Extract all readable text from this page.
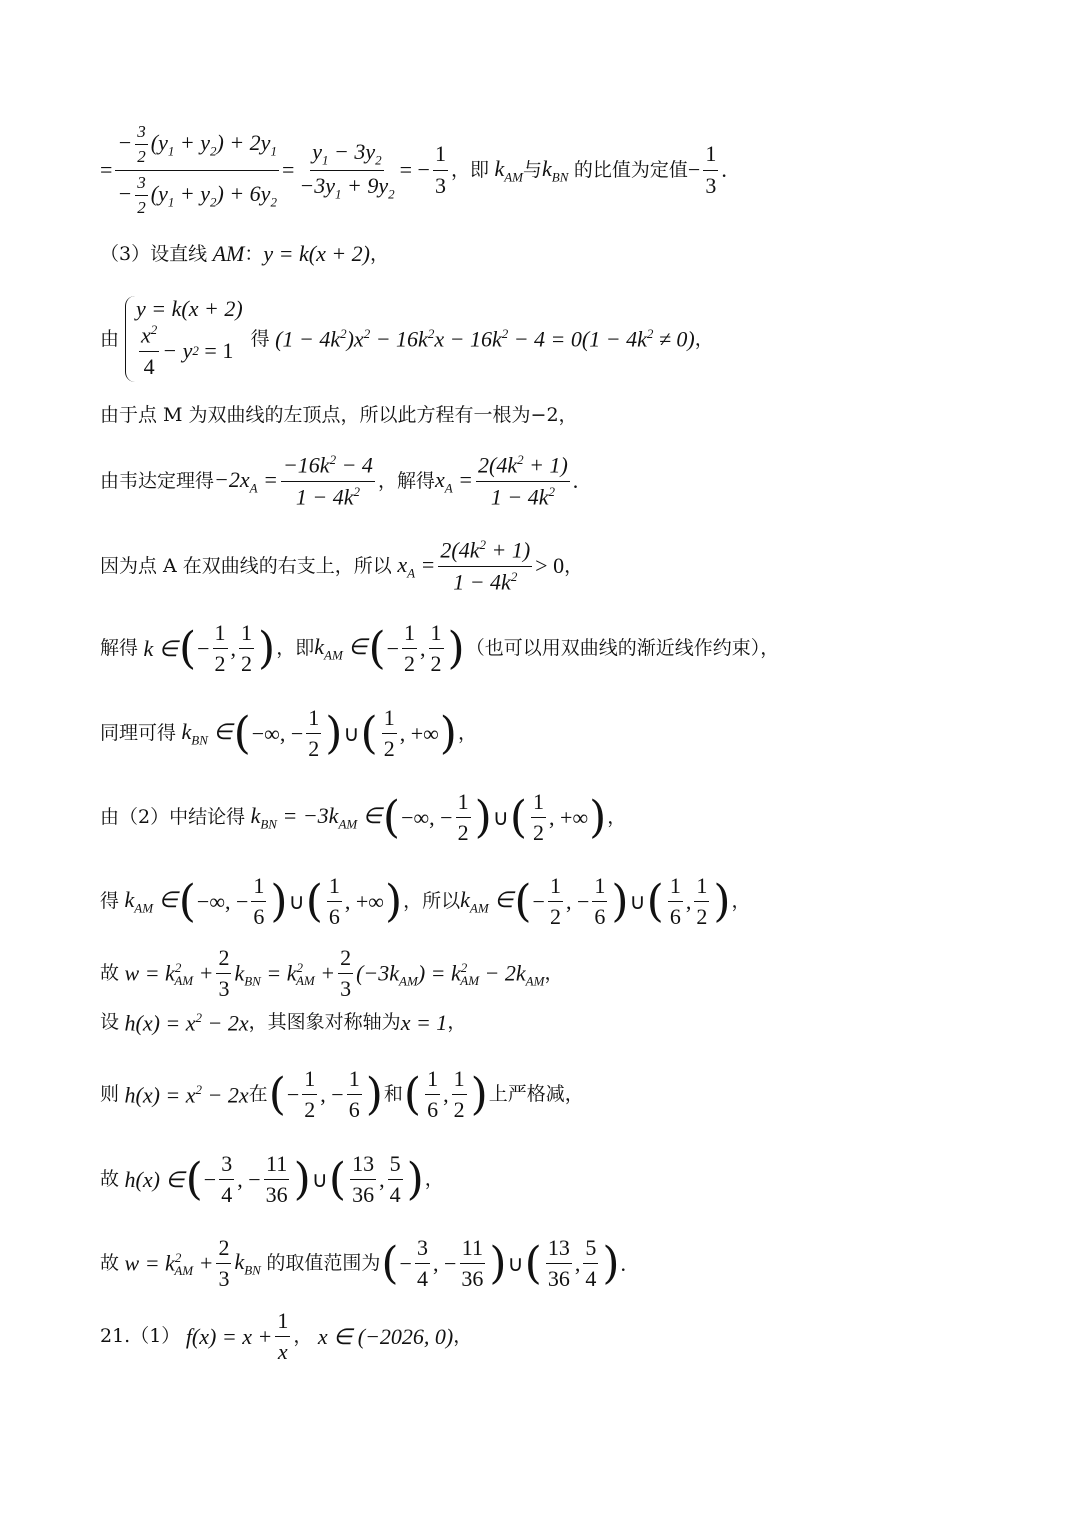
= $\frac{- \frac{3}{2} (y_1 + y_2) + 2y_1}{- \frac{3}{2} (y_1 + y_2) + 6y_2} = \frac{y_1 - 3y_2}{-3y_1 + 9y_2}$ = − $\frac{1}{3}$ ，即 $k_{AM}$ 与 $k_{BN}$ 的比值为定值 − $\frac{1}{3}$ .
（3）设直线 AM ： y = k(x + 2) ，
由
y = k(x + 2)
$\frac{x^2}{4} - y$ 2 = 1 得 $(1 - 4k^2)x^2 - 16k^2x - 16k^2 - 4 = 0(1 - 4k^2 \ne 0)$ ，
由于点 M 为双曲线的左顶点，所以此方程有一根为−2，
由韦达定理得 $-2x_A = \frac{-16k^2 - 4}{1 - 4k^2}$ ，解得 $x_A = \frac{2(4k^2 + 1)}{1 - 4k^2}$ .
因为点 A 在双曲线的右支上，所以 $x_A = \frac{2(4k^2 + 1)}{1 - 4k^2} > 0$ ，
解得 k ∈ ( − $\frac{1}{2}$ , $\frac{1}{2}$ ) ，即 $k_{AM}$ ∈ ( − $\frac{1}{2}$ , $\frac{1}{2}$ ) （也可以用双曲线的渐近线作约束），
同理可得 $k_{BN}$ ∈ ( −∞, − $\frac{1}{2}$ ) ∪ ( $\frac{1}{2}$ , +∞ ) ，
由（2）中结论得 $k_{BN} = -3k_{AM}$ ∈ ( −∞, − $\frac{1}{2}$ ) ∪ ( $\frac{1}{2}$ , +∞ ) ，
得 $k_{AM}$ ∈ ( −∞, − $\frac{1}{6}$ ) ∪ ( $\frac{1}{6}$ , +∞ ) ，所以 $k_{AM}$ ∈ ( − $\frac{1}{2}$ , − $\frac{1}{6}$ ) ∪ ( $\frac{1}{6}$ , $\frac{1}{2}$ ) ，
故 $w = k^2_{AM} + \frac{2}{3} k_{BN} = k^2_{AM} + \frac{2}{3} (-3k_{AM}) = k^2_{AM} - 2k_{AM}$ ，
设 $h(x) = x^2 - 2x$ ，其图象对称轴为 x = 1 ，
则 $h(x) = x^2 - 2x$ 在 ( − $\frac{1}{2}$ , − $\frac{1}{6}$ ) 和 ( $\frac{1}{6}$ , $\frac{1}{2}$ ) 上严格减，
故 h(x) ∈ ( − $\frac{3}{4}$ , − $\frac{11}{36}$ ) ∪ ( $\frac{13}{36}$ , $\frac{5}{4}$ ) ，
故 $w = k^2_{AM} + \frac{2}{3} k_{BN}$ 的取值范围为 ( − $\frac{3}{4}$ , − $\frac{11}{36}$ ) ∪ ( $\frac{13}{36}$ , $\frac{5}{4}$ ) .
21.（1） $f(x) = x + \frac{1}{x}$ ， x ∈ (−2026, 0) ，
